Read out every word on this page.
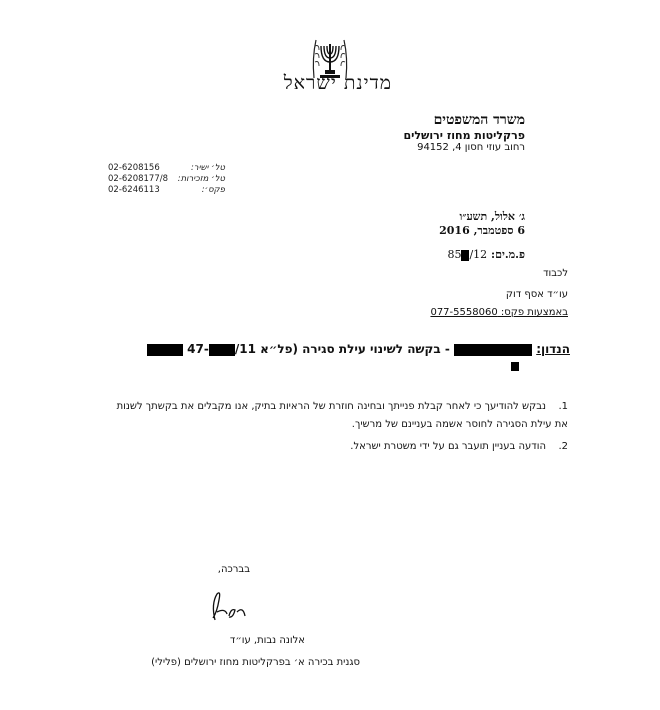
מדינת ישראל
משרד המשפטים
פרקליטות מחוז ירושלים
רחוב עוזי חסון 4, 94152
טל׳ ישיר:
02-6208156
טל׳ מזכירות:
02-6208177/8
פקס׳:
02-6246113
ג׳ אלול, תשע״ו
6 ספטמבר, 2016
פ.מ.ים: 12/85
לכבוד
עו״ד אסף דוק
באמצעות פקס: 077-5558060
הנדון:  - בקשה לשינוי עילת סגירה (פל״א 11/-47
1.נבקש להודיעך כי לאחר קבלת פנייתך ובחינה חוזרת של הראיות בתיק, אנו מקבלים את בקשתך לשנות את עילת הסגירה לחוסר אשמה בעניינם של מרשיך.
2.הודעה בעניין תועבר גם על ידי משטרת ישראל.
בברכה,
אלונה נבות, עו״ד
סגנית בכירה א׳ בפרקליטות מחוז ירושלים (פלילי)
